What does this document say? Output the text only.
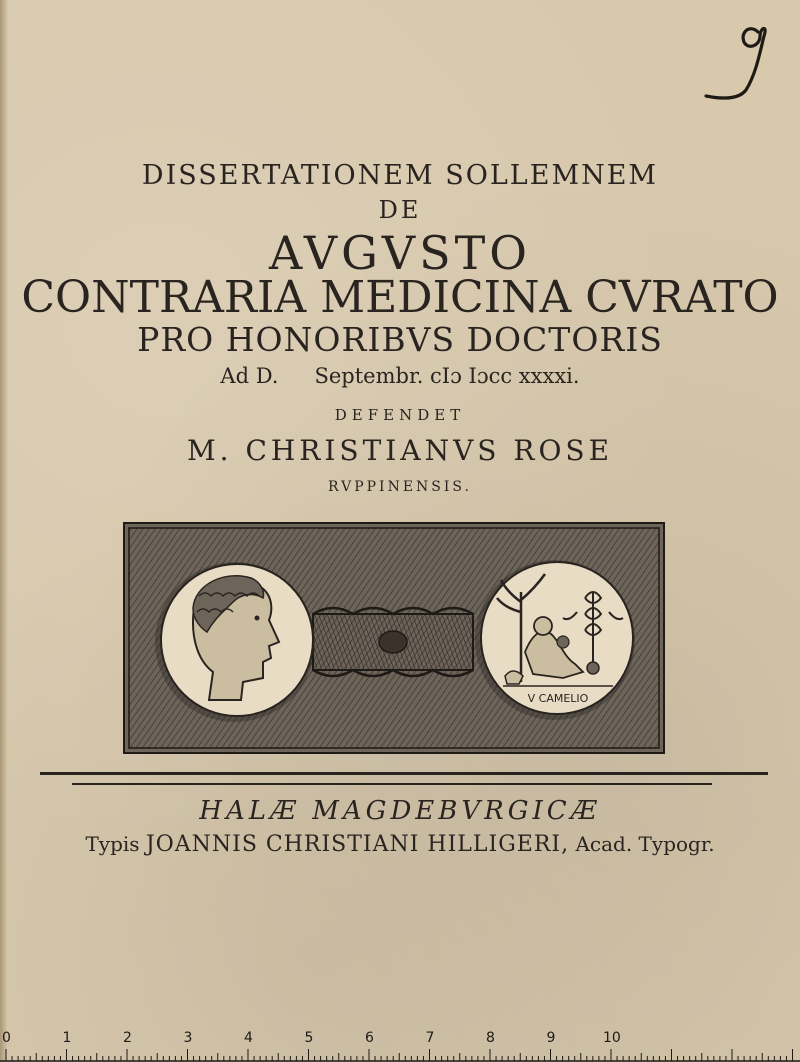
9
DISSERTATIONEM SOLLEMNEM
DE
AVGVSTO
CONTRARIA MEDICINA CVRATO
PRO HONORIBVS DOCTORIS
Ad D. Septembr. cIɔ Iɔcc xxxxi.
DEFENDET
M. CHRISTIANVS ROSE
RVPPINENSIS.
V CAMELIO
HALÆ MAGDEBVRGICÆ
Typis JOANNIS CHRISTIANI HILLIGERI, Acad. Typogr.
0	1	2	3	4	5	6	7	8	9	10
